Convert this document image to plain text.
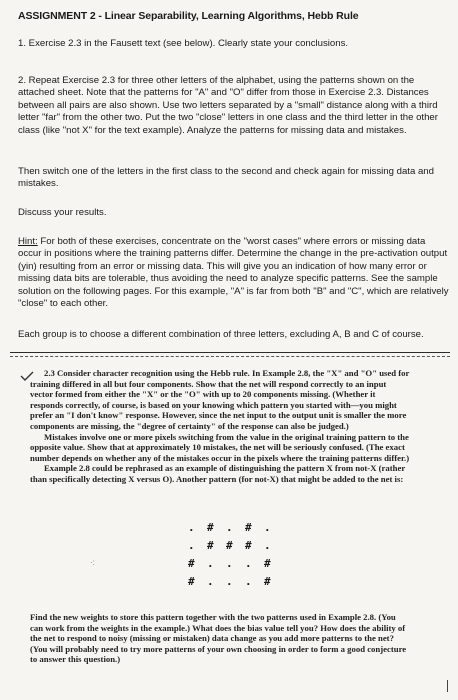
ASSIGNMENT 2 - Linear Separability, Learning Algorithms, Hebb Rule
1. Exercise 2.3 in the Fausett text (see below). Clearly state your conclusions.
2. Repeat Exercise 2.3 for three other letters of the alphabet, using the patterns shown on the attached sheet. Note that the patterns for "A" and "O" differ from those in Exercise 2.3. Distances between all pairs are also shown. Use two letters separated by a "small" distance along with a third letter "far" from the other two. Put the two "close" letters in one class and the third letter in the other class (like "not X" for the text example). Analyze the patterns for missing data and mistakes.
Then switch one of the letters in the first class to the second and check again for missing data and mistakes.
Discuss your results.
Hint: For both of these exercises, concentrate on the "worst cases" where errors or missing data occur in positions where the training patterns differ. Determine the change in the pre-activation output (yin) resulting from an error or missing data. This will give you an indication of how many error or missing data bits are tolerable, thus avoiding the need to analyze specific patterns. See the sample solution on the following pages. For this example, "A" is far from both "B" and "C", which are relatively "close" to each other.
Each group is to choose a different combination of three letters, excluding A, B and C of course.
2.3 Consider character recognition using the Hebb rule. In Example 2.8, the "X" and "O" used for training differed in all but four components. Show that the net will respond correctly to an input vector formed from either the "X" or the "O" with up to 20 components missing. (Whether it responds correctly, of course, is based on your knowing which pattern you started with—you might prefer an "I don't know" response. However, since the net input to the output unit is smaller the more components are missing, the "degree of certainty" of the response can also be judged.)
Mistakes involve one or more pixels switching from the value in the original training pattern to the opposite value. Show that at approximately 10 mistakes, the net will be seriously confused. (The exact number depends on whether any of the mistakes occur in the pixels where the training patterns differ.)
Example 2.8 could be rephrased as an example of distinguishing the pattern X from not-X (rather than specifically detecting X versus O). Another pattern (for not-X) that might be added to the net is:
. # . # .
. # # # .
# . . . #
# . . . #
·:
Find the new weights to store this pattern together with the two patterns used in Example 2.8. (You can work from the weights in the example.) What does the bias value tell you? How does the ability of the net to respond to noisy (missing or mistaken) data change as you add more patterns to the net? (You will probably need to try more patterns of your own choosing in order to form a good conjecture to answer this question.)
